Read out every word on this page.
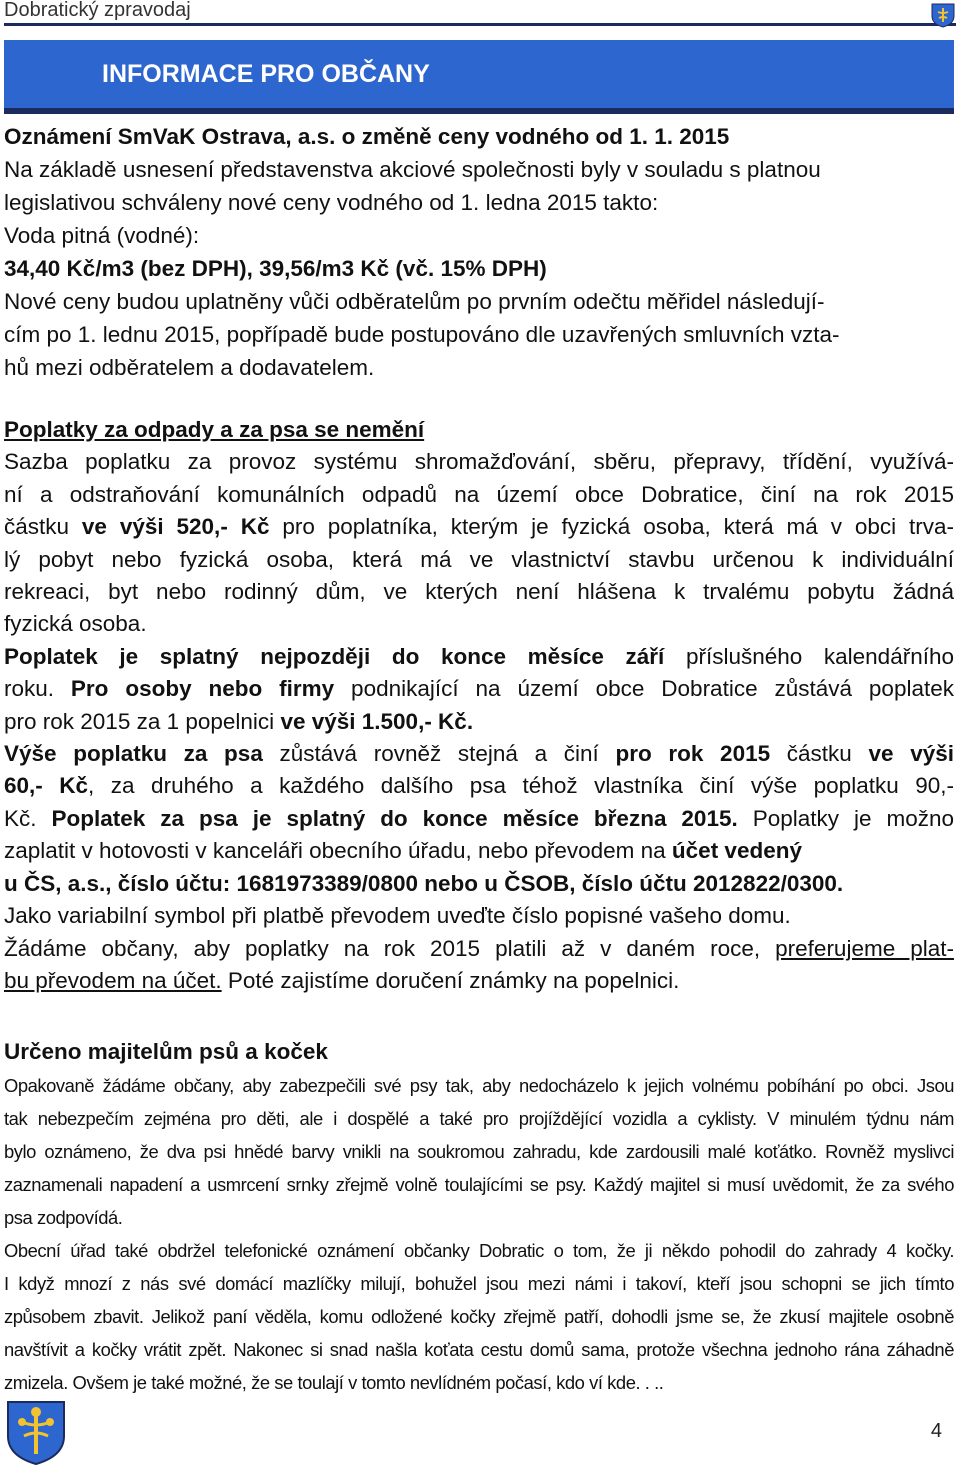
Dobratický zpravodaj
INFORMACE PRO OBČANY
Oznámení SmVaK Ostrava, a.s. o změně ceny vodného od 1. 1. 2015
Na základě usnesení představenstva akciové společnosti byly v souladu s platnou
legislativou schváleny nové ceny vodného od 1. ledna 2015 takto:
Voda pitná (vodné):
34,40 Kč/m3 (bez DPH), 39,56/m3 Kč (vč. 15% DPH)
Nové ceny budou uplatněny vůči odběratelům po prvním odečtu měřidel následují-
cím po 1. lednu 2015, popřípadě bude postupováno dle uzavřených smluvních vzta-
hů mezi odběratelem a dodavatelem.
Poplatky za odpady a za psa se nemění
Sazba poplatku za provoz systému shromažďování, sběru, přepravy, třídění, využívá-
ní a odstraňování komunálních odpadů na území obce Dobratice, činí na rok 2015
částku ve výši 520,- Kč pro poplatníka, kterým je fyzická osoba, která má v obci trva-
lý pobyt nebo fyzická osoba, která má ve vlastnictví stavbu určenou k individuální
rekreaci, byt nebo rodinný dům, ve kterých není hlášena k trvalému pobytu žádná
fyzická osoba.
Poplatek je splatný nejpozději do konce měsíce září příslušného kalendářního
roku. Pro osoby nebo firmy podnikající na území obce Dobratice zůstává poplatek
pro rok 2015 za 1 popelnici ve výši 1.500,- Kč.
Výše poplatku za psa zůstává rovněž stejná a činí pro rok 2015 částku ve výši
60,- Kč, za druhého a každého dalšího psa téhož vlastníka činí výše poplatku 90,-
Kč. Poplatek za psa je splatný do konce měsíce března 2015. Poplatky je možno
zaplatit v hotovosti v kanceláři obecního úřadu, nebo převodem na účet vedený
u ČS, a.s., číslo účtu: 1681973389/0800 nebo u ČSOB, číslo účtu 2012822/0300.
Jako variabilní symbol při platbě převodem uveďte číslo popisné vašeho domu.
Žádáme občany, aby poplatky na rok 2015 platili až v daném roce, preferujeme plat-
bu převodem na účet. Poté zajistíme doručení známky na popelnici.
Určeno majitelům psů a koček
Opakovaně žádáme občany, aby zabezpečili své psy tak, aby nedocházelo k jejich volnému pobíhání po obci. Jsou
tak nebezpečím zejména pro děti, ale i dospělé a také pro projíždějící vozidla a cyklisty. V minulém týdnu nám
bylo oznámeno, že dva psi hnědé barvy vnikli na soukromou zahradu, kde zardousili malé koťátko. Rovněž myslivci
zaznamenali napadení a usmrcení srnky zřejmě volně toulajícími se psy. Každý majitel si musí uvědomit, že za svého
psa zodpovídá.
Obecní úřad také obdržel telefonické oznámení občanky Dobratic o tom, že ji někdo pohodil do zahrady 4 kočky.
I když mnozí z nás své domácí mazlíčky milují, bohužel jsou mezi námi i takoví, kteří jsou schopni se jich tímto
způsobem zbavit. Jelikož paní věděla, komu odložené kočky zřejmě patří, dohodli jsme se, že zkusí majitele osobně
navštívit a kočky vrátit zpět. Nakonec si snad našla koťata cestu domů sama, protože všechna jednoho rána záhadně
zmizela. Ovšem je také možné, že se toulají v tomto nevlídném počasí, kdo ví kde. . ..
4
